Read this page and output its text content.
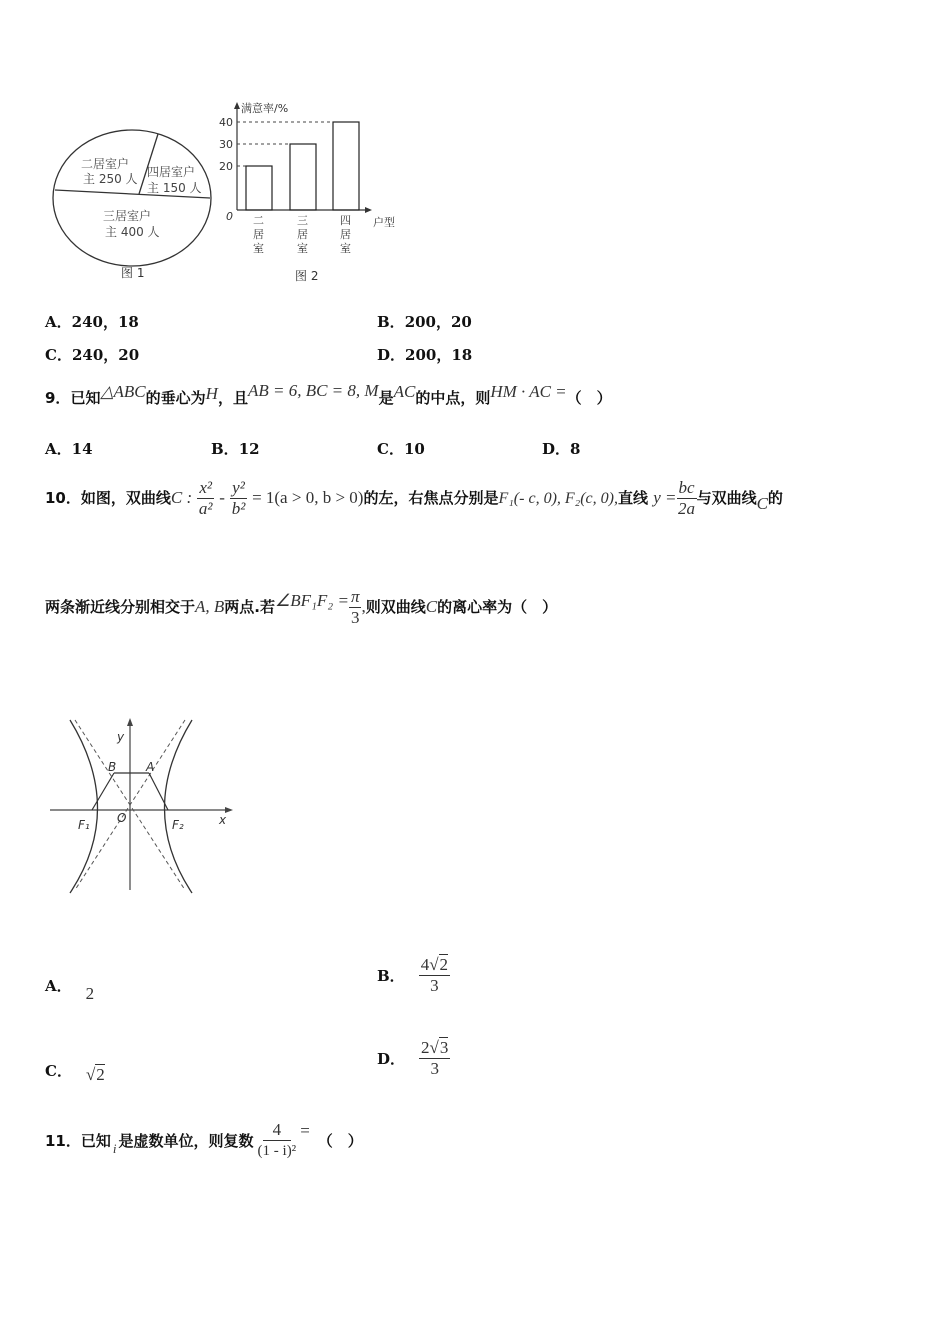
二居室户
主 250 人 四居室户
主 150 人
三居室户
主 400 人
图 1
满意率/%
0	户型
20
30
40
二
居
室
三
居
室
四
居
室
图 2
A．240，18	B．200，20
C．240，20	D．200，18
9．已知△ABC的垂心为H，且AB = 6, BC = 8, M是AC的中点，则HM · AC =（　）
A．14	B．12	C．10	D．8
10．如图，双曲线C : $\frac{\text{x²}}{\text{a²}} - \frac{\text{y²}}{\text{b²}} = 1(a > 0$, b > 0)的左，右焦点分别是F₁(- c, 0), F₂(c, 0),直线 $y = \frac{bc}{2a}$ 与双曲线C的
两条渐近线分别相交于A, B两点.若∠BF₁F₂ = $\frac{\pi}{3}$ ,则双曲线C的离心率为（　）
y
x
O
A
B
F₁	F₂
A． 2
B． $\frac{4√2}{3}$
C． √2
D． $\frac{2√3}{3}$
11． 已知 i 是虚数单位，则复数 $\frac{4}{\text{(1 - i)²}}$ =
（　）
